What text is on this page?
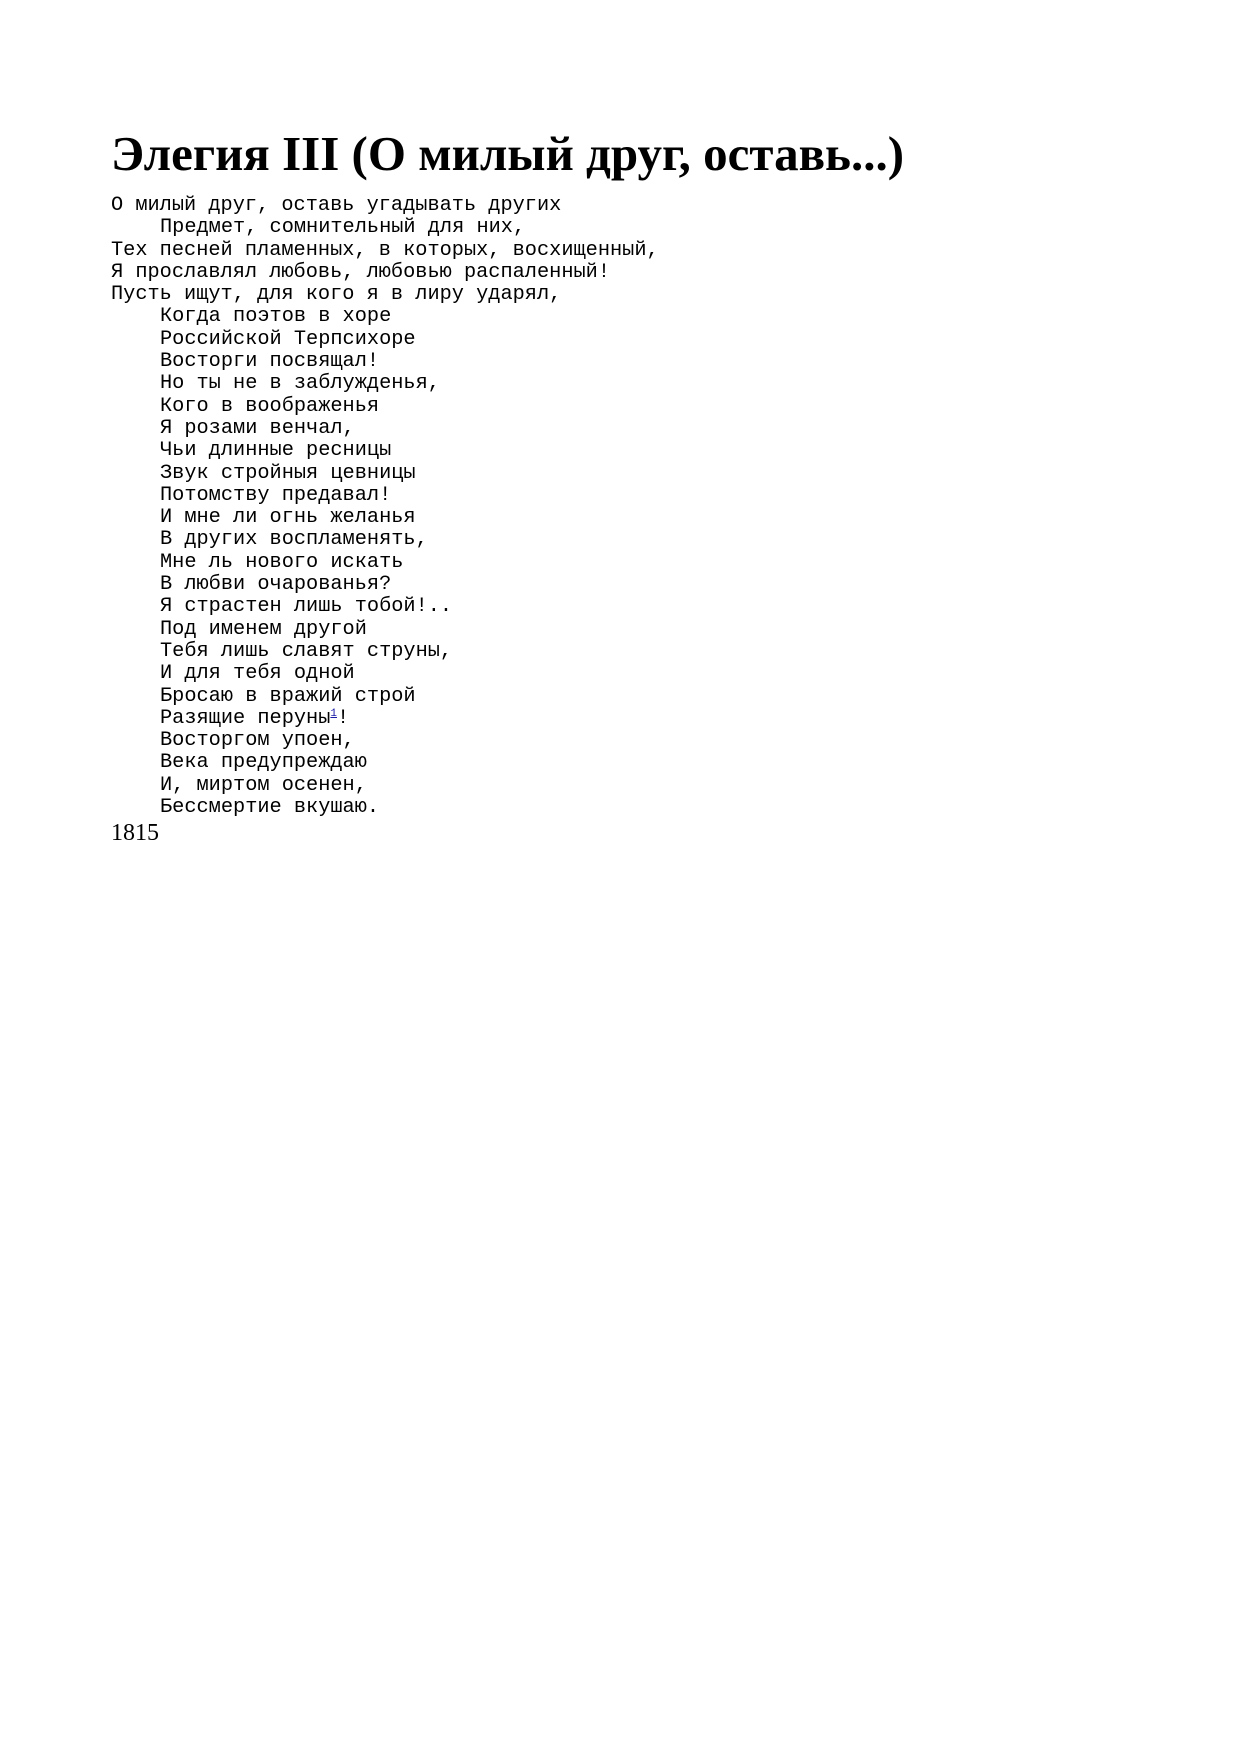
Элегия III (О милый друг, оставь...)
О милый друг, оставь угадывать других
Предмет, сомнительный для них,
Тех песней пламенных, в которых, восхищенный,
Я прославлял любовь, любовью распаленный!
Пусть ищут, для кого я в лиру ударял,
Когда поэтов в хоре
Российской Терпсихоре
Восторги посвящал!
Но ты не в заблужденья,
Кого в воображенья
Я розами венчал,
Чьи длинные ресницы
Звук стройныя цевницы
Потомству предавал!
И мне ли огнь желанья
В других воспламенять,
Мне ль нового искать
В любви очарованья?
Я страстен лишь тобой!..
Под именем другой
Тебя лишь славят струны,
И для тебя одной
Бросаю в вражий строй
Разящие перуны$^1$!
Восторгом упоен,
Века предупреждаю
И, миртом осенен,
Бессмертие вкушаю.

1815
